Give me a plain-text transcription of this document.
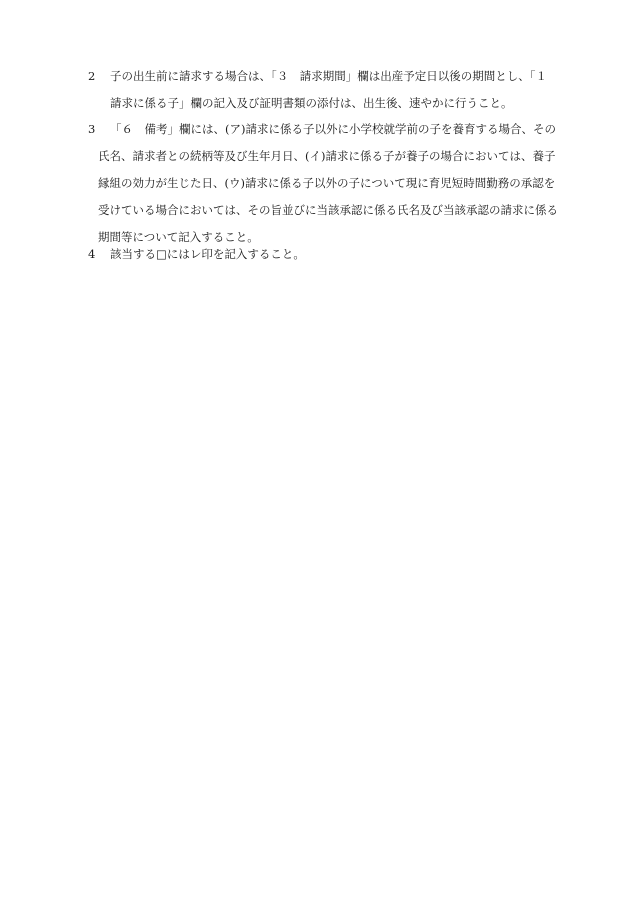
2 子の出生前に請求する場合は、「３　請求期間」欄は出産予定日以後の期間とし、「１
請求に係る子」欄の記入及び証明書類の添付は、出生後、速やかに行うこと。
3 「６　備考」欄には、(ア)請求に係る子以外に小学校就学前の子を養育する場合、その
氏名、請求者との続柄等及び生年月日、(イ)請求に係る子が養子の場合においては、養子
縁組の効力が生じた日、(ウ)請求に係る子以外の子について現に育児短時間勤務の承認を
受けている場合においては、その旨並びに当該承認に係る氏名及び当該承認の請求に係る
期間等について記入すること。
4 該当する□にはレ印を記入すること。
